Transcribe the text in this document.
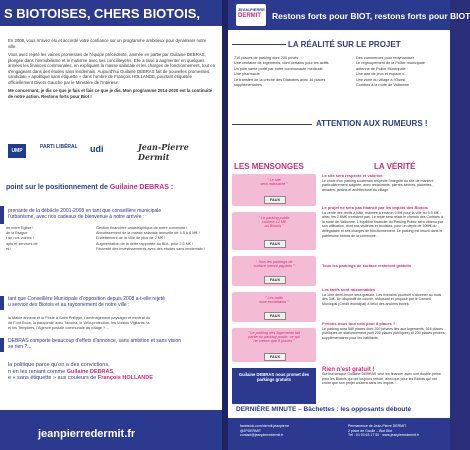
S BIOTOISES, CHERS BIOTOIS,

En 2008, vous m'avez élu et accordé votre confiance sur un programme ambitieux pour dynamiser notre ville.

Vous avez rejeté les vaines promesses de l'équipe précédente, animée en partie par Guilaine DEBRAS, plongée dans l'immobilisme et le mutisme avec ses conciliteyens. Elle a tissé à augmenter en quelques années les finances communales, en expliquant la masse salariale et les charges de fonctionnement, tout en s'engageant dans des études sans lendemain. Aujourd'hui Guilaine DEBRAS fait de nouvelles promesses, candidate « apolitique sans étiquette » dans l'ombre de François HOLLANDE, pourtant étiquetée officiellement Divers Gauche par le Ministère de l'Intérieur.

Me concernant, je dis ce que je fais et fais ce que je dis. Mon programme 2014-2020 est la continuité de notre action. Restons forts pour Biot !

UMP
PARTI LIBÉRAL udi	Jean-Pierre Dermit
point sur le positionnement de Guilaine DEBRAS :
prenante de la débâcle 2001-2008 en tant que conseillère municipale
l'urbanisme, avec nos cadeaux de bienvenue à notre arrivée :
de notre Eglise !
de la Brague
t de nos voiries !
apts et services de
rs !
Gestion financière catastrophique de notre commune !
Aboutissement de la masse salariale annuelle de 4.5 à 8 M€ !
Endettement de la Ville de plus de 2 M€ !
Augmentation de la dette rapportée au Biot- pour 2.5 M€ !
Pauvreté des investissements avec des études sans lendemain !
tant que Conseillère Municipale d'opposition depuis 2008 a-t-elle rejeté
u service des Biotois et au rayonnement de notre ville :
la Mairie annexe et la Poste à Saint Philippe, l'aménagement paysager et minéral du
de Font Rous, la parapente avec Tacoma, le Vélo-protection, les Voisins Vigilants, la
et les Templiers, l'Agence postale communale du village ? ...
DEBRAS comporte beaucoup d'effets d'annonce, sans ambition et sans vision
se rien ?...
la politique parce qu'on a des convictions,
n en les reniant comme Guilaine DEBRAS,
e « sans étiquette » aux couleurs de François HOLLANDE
jeanpierredermit.fr
JEAN-PIERRE
DERMIT Restons forts pour BIOT, restons forts pour BIOT
LA RÉALITÉ SUR LE PROJET
716 places de parking dont 200 privés
Une centaine de logements, dont certains pour les actifs
Un pôle santé porté par notre communauté médicale
Une pharmacie
Le transfert de la crèche des Diabotins avec 16 places
supplémentaires
Des commerces pour redynamiser
Le regroupement de la Police municipale
antenne de Police Municipale
Une aire de jeux et espace v...
Une zone du village à l'Ouest
Combes à la route de Valbonne
ATTENTION AUX RUMEURS !
LES MENSONGES	LA VÉRITÉ
" Le site
sera massacré "
FAUX
" Le parking public
coûtera 12 M€
au Biotois "
FAUX
" Tous les parkings de
surface seront payants "
FAUX
" Les tarifs
sont exorbitants "
FAUX
" Le parking des logements fait
partie du parking public, ce qui
ne créera que 8 places "
FAUX
Le site sera respecté et valorisé
Le choix d'un parking souterrain respecte l'intégrité du site de manière particulièrement soignée, avec restaurants, pierres sèches, placettes, arcades, jardins et architectural du village.
Le projet ne sera pas financé par les impôts des Biotois
La vente des droits à bâtir, estimée à environ 9 M€ pour la ville du 9.9 M€ : ainsi, les 2.6M€ n'existent pas. Le reste sera relais le chemin des Combes à la route de Valbonne. L'équilibre financier du Parking Public sera obtenu par son utilisation, dont nos visiteurs et touristes, pour un dépôt de 10M€ du délégataire et ses charges de fonctionnement. Le parking est inscrit dans le patrimoine biotois de la commune.
Tous les parkings de surface resteront gratuits
Les tarifs sont raisonnables
La 1ère demi-heure sera gratuite. Les riverains pourront s'abonner au mois dès 34€. Un dispositif de couvrir, réduisant et proposé par le Conseil Municipal (Crédit municipal) à celui des anciens boxes.
Ferions-nous tout cela pour 8 places ?
Le parking aura 580 places dont 200 privées liés aux logements, 516 places publiques de stationnement (soit 200 places publiques) et 200 places privées supplémentaires pour les habitants.
Guilaine DEBRAS nous promet des parkings gratuits
Rien n'est gratuit !
Surtout lorsque Guilaine DEBRAS veut les financer avec une double-peine pour les Biotois qui ont toujours refusé, ainsi que pour les Biotois qui ont croire que son projet coûtera sans les impôts !
DERNIÈRE MINUTE – Bâchettes : les opposants débouté
facebook.com/dermit.jeanpierre
@JPDERMIT
contact@jeanpierredermit.fr
Permanence de Jean-Pierre DERMIT
2 place de Gaulle – Biot Biot
Tél : 04 93 63 17 50 · www.jeanpierredermit.fr
